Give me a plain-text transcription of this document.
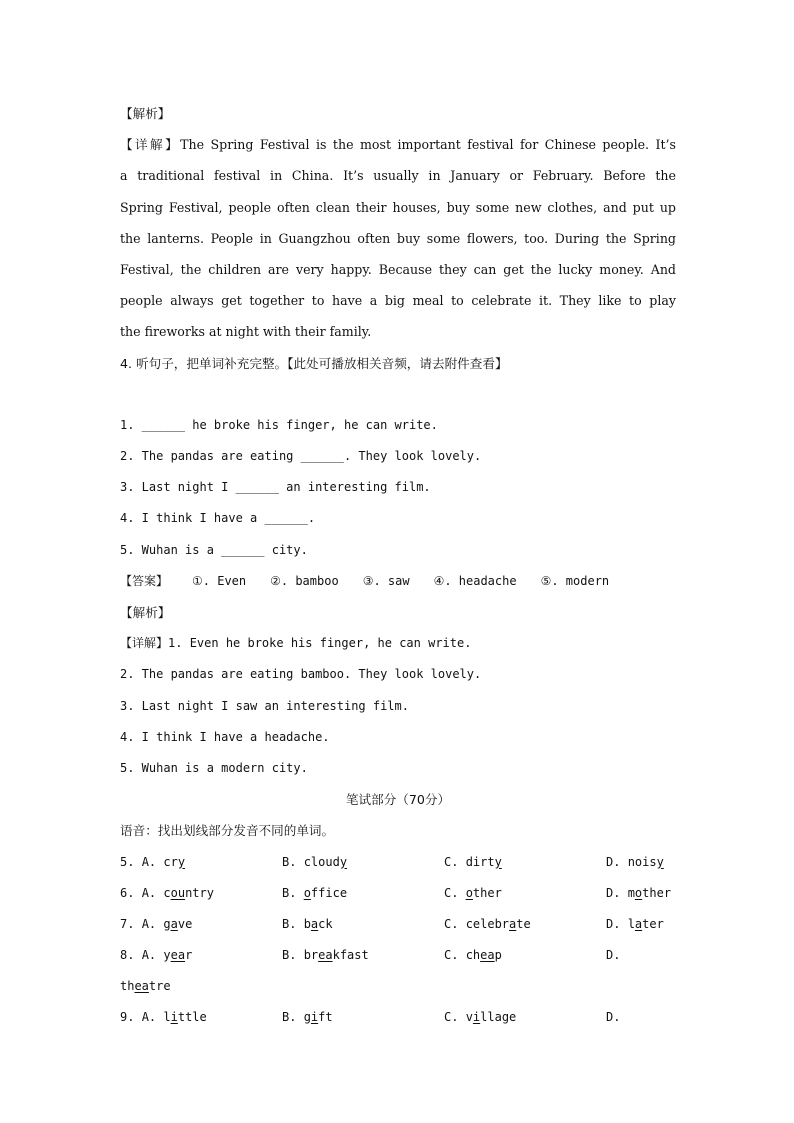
【解析】
【详解】The Spring Festival is the most important festival for Chinese people. It’s
a traditional festival in China. It’s usually in January or February. Before the
Spring Festival, people often clean their houses, buy some new clothes, and put up
the lanterns. People in Guangzhou often buy some flowers, too. During the Spring
Festival, the children are very happy. Because they can get the lucky money. And
people always get together to have a big meal to celebrate it. They like to play
the fireworks at night with their family.
4. 听句子，把单词补充完整。【此处可播放相关音频，请去附件查看】
1. ______ he broke his finger, he can write.
2. The pandas are eating ______. They look lovely.
3. Last night I ______ an interesting film.
4. I think I have a ______.
5. Wuhan is a ______ city.
【答案】 ①. Even ②. bamboo ③. saw ④. headache ⑤. modern
【解析】
【详解】1. Even he broke his finger, he can write.
2. The pandas are eating bamboo. They look lovely.
3. Last night I saw an interesting film.
4. I think I have a headache.
5. Wuhan is a modern city.
笔试部分（70分）
语音：找出划线部分发音不同的单词。
5. A. cry	B. cloudy	C. dirty	D. noisy
6. A. country	B. office	C. other	D. mother
7. A. gave	B. back	C. celebrate	D. later
8. A. year	B. breakfast	C. cheap	D.
theatre
9. A. little	B. gift	C. village	D.
